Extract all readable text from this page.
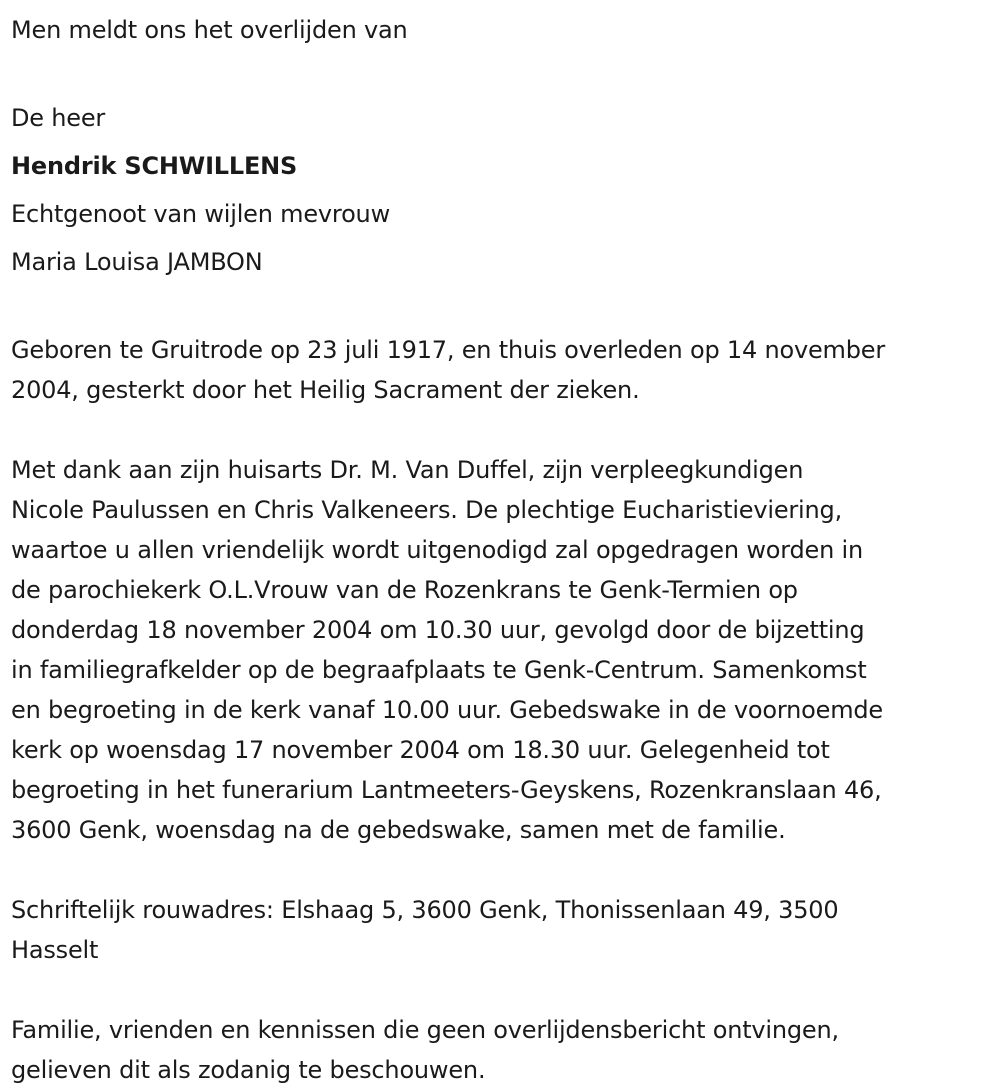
Men meldt ons het overlijden van

De heer

Hendrik SCHWILLENS

Echtgenoot van wijlen mevrouw

Maria Louisa JAMBON

Geboren te Gruitrode op 23 juli 1917, en thuis overleden op 14 november
2004, gesterkt door het Heilig Sacrament der zieken.

Met dank aan zijn huisarts Dr. M. Van Duffel, zijn verpleegkundigen
Nicole Paulussen en Chris Valkeneers. De plechtige Eucharistieviering,
waartoe u allen vriendelijk wordt uitgenodigd zal opgedragen worden in
de parochiekerk O.L.Vrouw van de Rozenkrans te Genk-Termien op
donderdag 18 november 2004 om 10.30 uur, gevolgd door de bijzetting
in familiegrafkelder op de begraafplaats te Genk-Centrum. Samenkomst
en begroeting in de kerk vanaf 10.00 uur. Gebedswake in de voornoemde
kerk op woensdag 17 november 2004 om 18.30 uur. Gelegenheid tot
begroeting in het funerarium Lantmeeters-Geyskens, Rozenkranslaan 46,
3600 Genk, woensdag na de gebedswake, samen met de familie.

Schriftelijk rouwadres: Elshaag 5, 3600 Genk, Thonissenlaan 49, 3500
Hasselt

Familie, vrienden en kennissen die geen overlijdensbericht ontvingen,
gelieven dit als zodanig te beschouwen.
